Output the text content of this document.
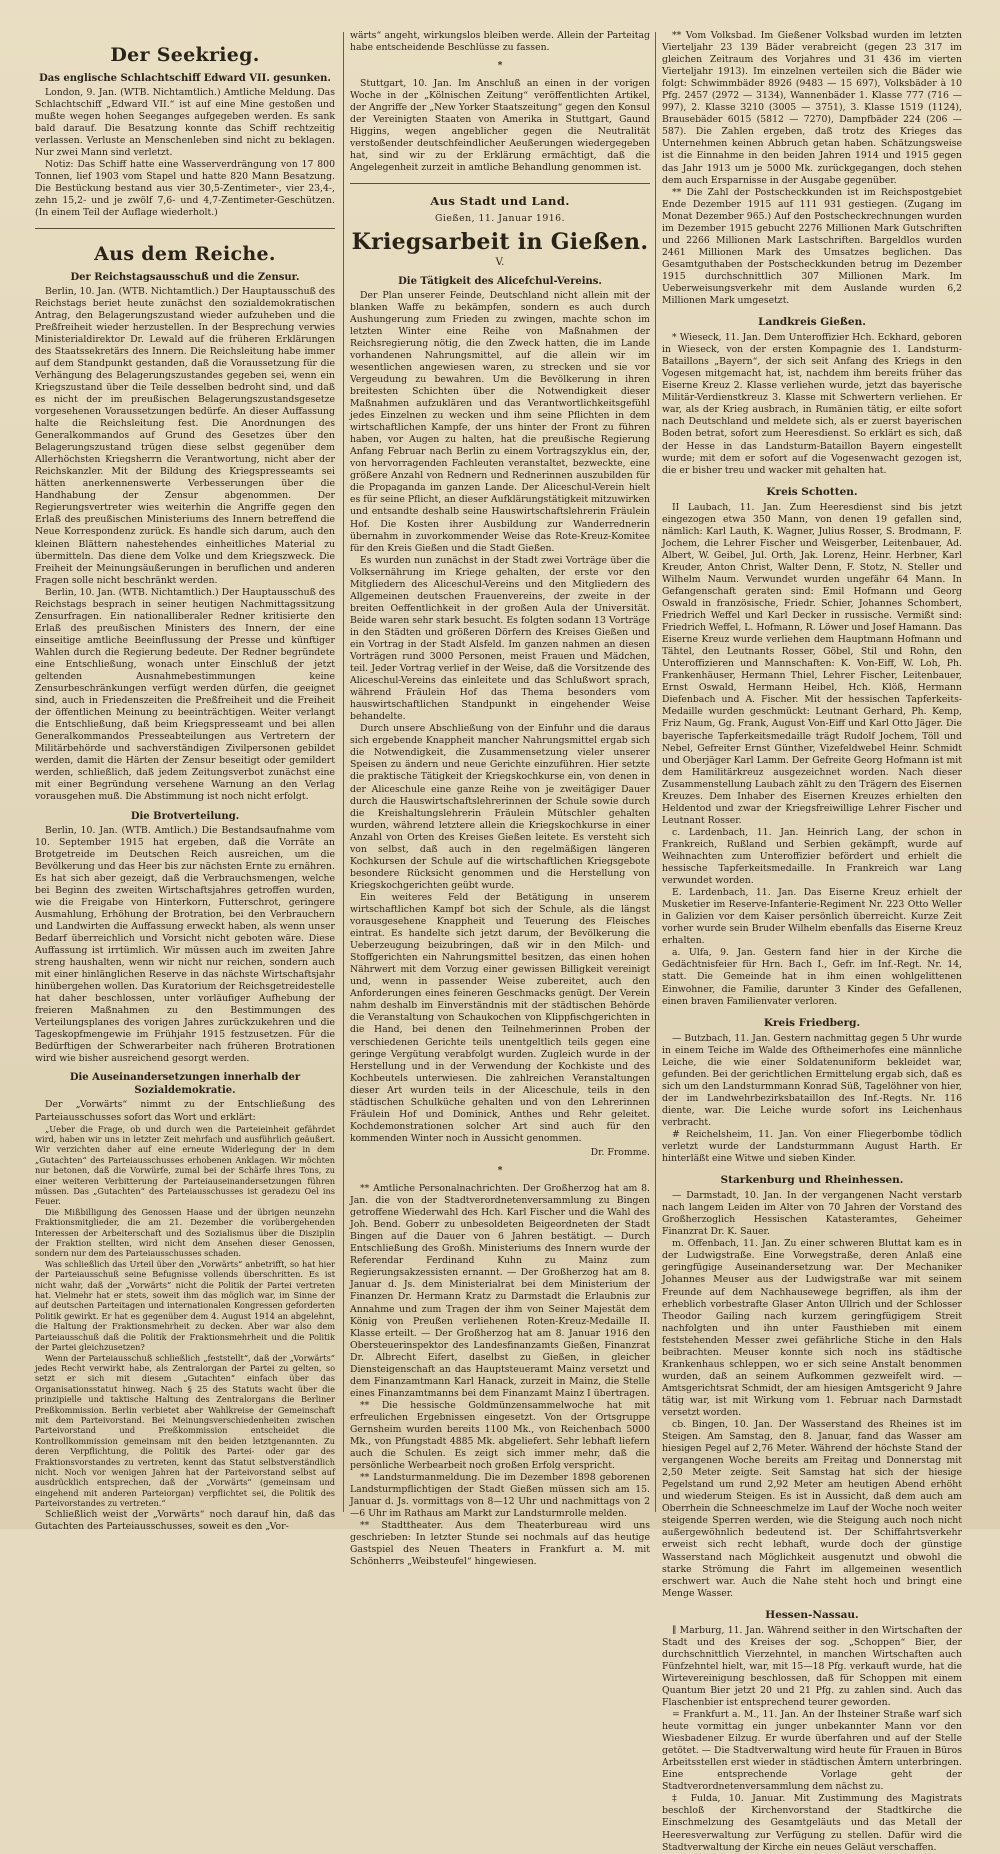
Der Seekrieg.
Das englische Schlachtschiff Edward VII. gesunken.

London, 9. Jan. (WTB. Nichtamtlich.) Amtliche Meldung. Das Schlachtschiff „Edward VII.“ ist auf eine Mine gestoßen und mußte wegen hohen Seeganges aufgegeben werden. Es sank bald darauf. Die Besatzung konnte das Schiff rechtzeitig verlassen. Verluste an Menschenleben sind nicht zu beklagen. Nur zwei Mann sind verletzt.

Notiz: Das Schiff hatte eine Wasserverdrängung von 17 800 Tonnen, lief 1903 vom Stapel und hatte 820 Mann Besatzung. Die Bestückung bestand aus vier 30,5-Zentimeter-, vier 23,4-, zehn 15,2- und je zwölf 7,6- und 4,7-Zentimeter-Geschützen. (In einem Teil der Auflage wiederholt.)

Aus dem Reiche.
Der Reichstagsausschuß und die Zensur.

Berlin, 10. Jan. (WTB. Nichtamtlich.) Der Hauptausschuß des Reichstags beriet heute zunächst den sozialdemokratischen Antrag, den Belagerungszustand wieder aufzuheben und die Preßfreiheit wieder herzustellen. In der Besprechung verwies Ministerialdirektor Dr. Lewald auf die früheren Erklärungen des Staatssekretärs des Innern. Die Reichsleitung habe immer auf dem Standpunkt gestanden, daß die Voraussetzung für die Verhängung des Belagerungszustandes gegeben sei, wenn ein Kriegszustand über die Teile desselben bedroht sind, und daß es nicht der im preußischen Belagerungszustandsgesetze vorgesehenen Voraussetzungen bedürfe. An dieser Auffassung halte die Reichsleitung fest. Die Anordnungen des Generalkommandos auf Grund des Gesetzes über den Belagerungszustand trügen diese selbst gegenüber dem Allerhöchsten Kriegsherrn die Verantwortung, nicht aber der Reichskanzler. Mit der Bildung des Kriegspresseamts sei hätten anerkennenswerte Verbesserungen über die Handhabung der Zensur abgenommen. Der Regierungsvertreter wies weiterhin die Angriffe gegen den Erlaß des preußischen Ministeriums des Innern betreffend die Neue Korrespondenz zurück. Es handle sich darum, auch den kleinen Blättern nahestehendes einheitliches Material zu übermitteln. Das diene dem Volke und dem Kriegszweck. Die Freiheit der Meinungsäußerungen in beruflichen und anderen Fragen solle nicht beschränkt werden.

Berlin, 10. Jan. (WTB. Nichtamtlich.) Der Hauptausschuß des Reichstags besprach in seiner heutigen Nachmittagssitzung Zensurfragen. Ein nationalliberaler Redner kritisierte den Erlaß des preußischen Ministers des Innern, der eine einseitige amtliche Beeinflussung der Presse und künftiger Wahlen durch die Regierung bedeute. Der Redner begründete eine Entschließung, wonach unter Einschluß der jetzt geltenden Ausnahmebestimmungen keine Zensurbeschränkungen verfügt werden dürfen, die geeignet sind, auch in Friedenszeiten die Preßfreiheit und die Freiheit der öffentlichen Meinung zu beeinträchtigen. Weiter verlangt die Entschließung, daß beim Kriegspresseamt und bei allen Generalkommandos Presseabteilungen aus Vertretern der Militärbehörde und sachverständigen Zivilpersonen gebildet werden, damit die Härten der Zensur beseitigt oder gemildert werden, schließlich, daß jedem Zeitungsverbot zunächst eine mit einer Begründung versehene Warnung an den Verlag vorausgehen muß. Die Abstimmung ist noch nicht erfolgt.

Die Brotverteilung.

Berlin, 10. Jan. (WTB. Amtlich.) Die Bestandsaufnahme vom 10. September 1915 hat ergeben, daß die Vorräte an Brotgetreide im Deutschen Reich ausreichen, um die Bevölkerung und das Heer bis zur nächsten Ernte zu ernähren. Es hat sich aber gezeigt, daß die Verbrauchsmengen, welche bei Beginn des zweiten Wirtschaftsjahres getroffen wurden, wie die Freigabe von Hinterkorn, Futterschrot, geringere Ausmahlung, Erhöhung der Brotration, bei den Verbrauchern und Landwirten die Auffassung erweckt haben, als wenn unser Bedarf überreichlich und Vorsicht nicht geboten wäre. Diese Auffassung ist irrtümlich. Wir müssen auch im zweiten Jahre streng haushalten, wenn wir nicht nur reichen, sondern auch mit einer hinlänglichen Reserve in das nächste Wirtschaftsjahr hinübergehen wollen. Das Kuratorium der Reichsgetreidestelle hat daher beschlossen, unter vorläufiger Aufhebung der freieren Maßnahmen zu den Bestimmungen des Verteilungsplanes des vorigen Jahres zurückzukehren und die Tageskopfmengewie im Frühjahr 1915 festzusetzen. Für die Bedürftigen der Schwerarbeiter nach früheren Brotrationen wird wie bisher ausreichend gesorgt werden.

Die Auseinandersetzungen innerhalb der Sozialdemokratie.

Der „Vorwärts“ nimmt zu der Entschließung des Parteiausschusses sofort das Wort und erklärt:

„Ueber die Frage, ob und durch wen die Parteieinheit gefährdet wird, haben wir uns in letzter Zeit mehrfach und ausführlich geäußert. Wir verzichten daher auf eine erneute Widerlegung der in dem „Gutachten“ des Parteiausschusses erhobenen Anklagen. Wir möchten nur betonen, daß die Vorwürfe, zumal bei der Schärfe ihres Tons, zu einer weiteren Verbitterung der Parteiauseinandersetzungen führen müssen. Das „Gutachten“ des Parteiausschusses ist geradezu Oel ins Feuer.

Die Mißbilligung des Genossen Haase und der übrigen neunzehn Fraktionsmitglieder, die am 21. Dezember die vorübergehenden Interessen der Arbeiterschaft und des Sozialismus über die Disziplin der Fraktion stellten, wird nicht dem Ansehen dieser Genossen, sondern nur dem des Parteiausschusses schaden.

Was schließlich das Urteil über den „Vorwärts“ anbetrifft, so hat hier der Parteiausschuß seine Befugnisse vollends überschritten. Es ist nicht wahr, daß der „Vorwärts“ nicht die Politik der Partei vertreten hat. Vielmehr hat er stets, soweit ihm das möglich war, im Sinne der auf deutschen Parteitagen und internationalen Kongressen geforderten Politik gewirkt. Er hat es gegenüber dem 4. August 1914 an abgelehnt, die Haltung der Fraktionsmehrheit zu decken. Aber war also dem Parteiausschuß daß die Politik der Fraktionsmehrheit und die Politik der Partei gleichzusetzen?

Wenn der Parteiausschuß schließlich „feststellt“, daß der „Vorwärts“ jedes Recht verwirkt habe, als Zentralorgan der Partei zu gelten, so setzt er sich mit diesem „Gutachten“ einfach über das Organisationsstatut hinweg. Nach § 25 des Statuts wacht über die prinzipielle und taktische Haltung des Zentralorgans die Berliner Preßkommission. Berlin verbietet aber Wahlkreise der Gemeinschaft mit dem Parteivorstand. Bei Meinungsverschiedenheiten zwischen Parteivorstand und Preßkommission entscheidet die Kontrollkommission gemeinsam mit den beiden letztgenannten. Zu deren Verpflichtung, die Politik des Partei- oder gar des Fraktionsvorstandes zu vertreten, kennt das Statut selbstverständlich nicht. Noch vor wenigen Jahren hat der Parteivorstand selbst auf ausdrücklich entsprechen, daß der „Vorwärts“ (gemeinsam und eingehend mit anderen Parteiorgan) verpflichtet sei, die Politik des Parteivorstandes zu vertreten.“

Schließlich weist der „Vorwärts“ noch darauf hin, daß das Gutachten des Parteiausschusses, soweit es den „Vor-

wärts“ angeht, wirkungslos bleiben werde. Allein der Parteitag habe entscheidende Beschlüsse zu fassen.

*

Stuttgart, 10. Jan. Im Anschluß an einen in der vorigen Woche in der „Kölnischen Zeitung“ veröffentlichten Artikel, der Angriffe der „New Yorker Staatszeitung“ gegen den Konsul der Vereinigten Staaten von Amerika in Stuttgart, Gaund Higgins, wegen angeblicher gegen die Neutralität verstoßender deutschfeindlicher Aeußerungen wiedergegeben hat, sind wir zu der Erklärung ermächtigt, daß die Angelegenheit zurzeit in amtliche Behandlung genommen ist.

Aus Stadt und Land.
Gießen, 11. Januar 1916.
Kriegsarbeit in Gießen.
V.
Die Tätigkeit des Alicefchul-Vereins.

Der Plan unserer Feinde, Deutschland nicht allein mit der blanken Waffe zu bekämpfen, sondern es auch durch Aushungerung zum Frieden zu zwingen, machte schon im letzten Winter eine Reihe von Maßnahmen der Reichsregierung nötig, die den Zweck hatten, die im Lande vorhandenen Nahrungsmittel, auf die allein wir im wesentlichen angewiesen waren, zu strecken und sie vor Vergeudung zu bewahren. Um die Bevölkerung in ihren breitesten Schichten über die Notwendigkeit dieser Maßnahmen aufzuklären und das Verantwortlichkeitsgefühl jedes Einzelnen zu wecken und ihm seine Pflichten in dem wirtschaftlichen Kampfe, der uns hinter der Front zu führen haben, vor Augen zu halten, hat die preußische Regierung Anfang Februar nach Berlin zu einem Vortragszyklus ein, der, von hervorragenden Fachleuten veranstaltet, bezweckte, eine größere Anzahl von Rednern und Rednerinnen auszubilden für die Propaganda im ganzen Lande. Der Aliceschul-Verein hielt es für seine Pflicht, an dieser Aufklärungstätigkeit mitzuwirken und entsandte deshalb seine Hauswirtschaftslehrerin Fräulein Hof. Die Kosten ihrer Ausbildung zur Wanderrednerin übernahm in zuvorkommender Weise das Rote-Kreuz-Komitee für den Kreis Gießen und die Stadt Gießen.

Es wurden nun zunächst in der Stadt zwei Vorträge über die Volksernährung im Kriege gehalten, der erste vor den Mitgliedern des Aliceschul-Vereins und den Mitgliedern des Allgemeinen deutschen Frauenvereins, der zweite in der breiten Oeffentlichkeit in der großen Aula der Universität. Beide waren sehr stark besucht. Es folgten sodann 13 Vorträge in den Städten und größeren Dörfern des Kreises Gießen und ein Vortrag in der Stadt Alsfeld. Im ganzen nahmen an diesen Vorträgen rund 3000 Personen, meist Frauen und Mädchen, teil. Jeder Vortrag verlief in der Weise, daß die Vorsitzende des Aliceschul-Vereins das einleitete und das Schlußwort sprach, während Fräulein Hof das Thema besonders vom hauswirtschaftlichen Standpunkt in eingehender Weise behandelte.

Durch unsere Abschließung von der Einfuhr und die daraus sich ergebende Knappheit mancher Nahrungsmittel ergab sich die Notwendigkeit, die Zusammensetzung vieler unserer Speisen zu ändern und neue Gerichte einzuführen. Hier setzte die praktische Tätigkeit der Kriegskochkurse ein, von denen in der Aliceschule eine ganze Reihe von je zweitägiger Dauer durch die Hauswirtschaftslehrerinnen der Schule sowie durch die Kreishaltungslehrerin Fräulein Mütschler gehalten wurden, während letztere allein die Kriegskochkurse in einer Anzahl von Orten des Kreises Gießen leitete. Es versteht sich von selbst, daß auch in den regelmäßigen längeren Kochkursen der Schule auf die wirtschaftlichen Kriegsgebote besondere Rücksicht genommen und die Herstellung von Kriegskochgerichten geübt wurde.

Ein weiteres Feld der Betätigung in unserem wirtschaftlichen Kampf bot sich der Schule, als die längst vorausgesehene Knappheit und Teuerung des Fleisches eintrat. Es handelte sich jetzt darum, der Bevölkerung die Ueberzeugung beizubringen, daß wir in den Milch- und Stoffgerichten ein Nahrungsmittel besitzen, das einen hohen Nährwert mit dem Vorzug einer gewissen Billigkeit vereinigt und, wenn in passender Weise zubereitet, auch den Anforderungen eines feineren Geschmacks genügt. Der Verein nahm deshalb im Einverständnis mit der städtischen Behörde die Veranstaltung von Schaukochen von Klippfischgerichten in die Hand, bei denen den Teilnehmerinnen Proben der verschiedenen Gerichte teils unentgeltlich teils gegen eine geringe Vergütung verabfolgt wurden. Zugleich wurde in der Herstellung und in der Verwendung der Kochkiste und des Kochbeutels unterwiesen. Die zahlreichen Veranstaltungen dieser Art wurden teils in der Aliceschule, teils in den städtischen Schulküche gehalten und von den Lehrerinnen Fräulein Hof und Dominick, Anthes und Rehr geleitet. Kochdemonstrationen solcher Art sind auch für den kommenden Winter noch in Aussicht genommen.

Dr. Fromme.
*

** Amtliche Personalnachrichten. Der Großherzog hat am 8. Jan. die von der Stadtverordnetenversammlung zu Bingen getroffene Wiederwahl des Hch. Karl Fischer und die Wahl des Joh. Bend. Goberr zu unbesoldeten Beigeordneten der Stadt Bingen auf die Dauer von 6 Jahren bestätigt. — Durch Entschließung des Großh. Ministeriums des Innern wurde der Referendar Ferdinand Kuhn zu Mainz zum Regierungsakzessisten ernannt. — Der Großherzog hat am 8. Januar d. Js. dem Ministerialrat bei dem Ministerium der Finanzen Dr. Hermann Kratz zu Darmstadt die Erlaubnis zur Annahme und zum Tragen der ihm von Seiner Majestät dem König von Preußen verliehenen Roten-Kreuz-Medaille II. Klasse erteilt. — Der Großherzog hat am 8. Januar 1916 den Obersteuerinspektor des Landesfinanzamts Gießen, Finanzrat Dr. Albrecht Eifert, daselbst zu Gießen, in gleicher Diensteigenschaft an das Hauptsteueramt Mainz versetzt und dem Finanzamtmann Karl Hanack, zurzeit in Mainz, die Stelle eines Finanzamtmanns bei dem Finanzamt Mainz I übertragen.

** Die hessische Goldmünzensammelwoche hat mit erfreulichen Ergebnissen eingesetzt. Von der Ortsgruppe Gernsheim wurden bereits 1100 Mk., von Reichenbach 5000 Mk., von Pfungstadt 4885 Mk. abgeliefert. Sehr lebhaft liefern auch die Schulen. Es zeigt sich immer mehr, daß die persönliche Werbearbeit noch großen Erfolg verspricht.

** Landsturmanmeldung. Die im Dezember 1898 geborenen Landsturmpflichtigen der Stadt Gießen müssen sich am 15. Januar d. Js. vormittags von 8—12 Uhr und nachmittags von 2—6 Uhr im Rathaus am Markt zur Landsturmrolle melden.

** Stadttheater. Aus dem Theaterbureau wird uns geschrieben: In letzter Stunde sei nochmals auf das heutige Gastspiel des Neuen Theaters in Frankfurt a. M. mit Schönherrs „Weibsteufel“ hingewiesen.

** Vom Volksbad. Im Gießener Volksbad wurden im letzten Vierteljahr 23 139 Bäder verabreicht (gegen 23 317 im gleichen Zeitraum des Vorjahres und 31 436 im vierten Vierteljahr 1913). Im einzelnen verteilen sich die Bäder wie folgt: Schwimmbäder 8926 (9483 — 15 697), Volksbäder à 10 Pfg. 2457 (2972 — 3134), Wannenbäder 1. Klasse 777 (716 — 997), 2. Klasse 3210 (3005 — 3751), 3. Klasse 1519 (1124), Brausebäder 6015 (5812 — 7270), Dampfbäder 224 (206 — 587). Die Zahlen ergeben, daß trotz des Krieges das Unternehmen keinen Abbruch getan haben. Schätzungsweise ist die Einnahme in den beiden Jahren 1914 und 1915 gegen das Jahr 1913 um je 5000 Mk. zurückgegangen, doch stehen dem auch Ersparnisse in der Ausgabe gegenüber.

** Die Zahl der Postscheckkunden ist im Reichspostgebiet Ende Dezember 1915 auf 111 931 gestiegen. (Zugang im Monat Dezember 965.) Auf den Postscheckrechnungen wurden im Dezember 1915 gebucht 2276 Millionen Mark Gutschriften und 2266 Millionen Mark Lastschriften. Bargeldlos wurden 2461 Millionen Mark des Umsatzes beglichen. Das Gesamtguthaben der Postscheckkunden betrug im Dezember 1915 durchschnittlich 307 Millionen Mark. Im Ueberweisungsverkehr mit dem Auslande wurden 6,2 Millionen Mark umgesetzt.

Landkreis Gießen.

* Wieseck, 11. Jan. Dem Unteroffizier Hch. Eckhard, geboren in Wieseck, von der ersten Kompagnie des 1. Landsturm-Bataillons „Bayern“, der sich seit Anfang des Kriegs in den Vogesen mitgemacht hat, ist, nachdem ihm bereits früher das Eiserne Kreuz 2. Klasse verliehen wurde, jetzt das bayerische Militär-Verdienstkreuz 3. Klasse mit Schwertern verliehen. Er war, als der Krieg ausbrach, in Rumänien tätig, er eilte sofort nach Deutschland und meldete sich, als er zuerst bayerischen Boden betrat, sofort zum Heeresdienst. So erklärt es sich, daß der Hesse in das Landsturm-Bataillon Bayern eingestellt wurde; mit dem er sofort auf die Vogesenwacht gezogen ist, die er bisher treu und wacker mit gehalten hat.

Kreis Schotten.

II Laubach, 11. Jan. Zum Heeresdienst sind bis jetzt eingezogen etwa 350 Mann, von denen 19 gefallen sind, nämlich: Karl Lauth, K. Wagner, Julius Rosser, S. Brodmann, F. Jochem, die Lehrer Fischer und Weisgerber, Leitenbauer, Ad. Albert, W. Geibel, Jul. Orth, Jak. Lorenz, Heinr. Herbner, Karl Kreuder, Anton Christ, Walter Denn, F. Stotz, N. Steller und Wilhelm Naum. Verwundet wurden ungefähr 64 Mann. In Gefangenschaft geraten sind: Emil Hofmann und Georg Oswald in französische, Friedr. Schier, Johannes Schombert, Friedrich Weffel und Karl Decker in russische. Vermißt sind: Friedrich Weffel, L. Hofmann, R. Löwer und Josef Hamann. Das Eiserne Kreuz wurde verliehen dem Hauptmann Hofmann und Tähtel, den Leutnants Rosser, Göbel, Stil und Rohn, den Unteroffizieren und Mannschaften: K. Von-Eiff, W. Loh, Ph. Frankenhäuser, Hermann Thiel, Lehrer Fischer, Leitenbauer, Ernst Oswald, Hermann Heibel, Hch. Klöß, Hermann Diefenbach und A. Fischer. Mit der hessischen Tapferkeits-Medaille wurden geschmückt: Leutnant Gerhard, Ph. Kemp, Friz Naum, Gg. Frank, August Von-Eiff und Karl Otto Jäger. Die bayerische Tapferkeitsmedaille trägt Rudolf Jochem, Töll und Nebel, Gefreiter Ernst Günther, Vizefeldwebel Heinr. Schmidt und Oberjäger Karl Lamm. Der Gefreite Georg Hofmann ist mit dem Hamilitärkreuz ausgezeichnet worden. Nach dieser Zusammenstellung Laubach zählt zu den Trägern des Eisernen Kreuzes. Dem Inhaber des Eisernen Kreuzes erhielten den Heldentod und zwar der Kriegsfreiwillige Lehrer Fischer und Leutnant Rosser.

c. Lardenbach, 11. Jan. Heinrich Lang, der schon in Frankreich, Rußland und Serbien gekämpft, wurde auf Weihnachten zum Unteroffizier befördert und erhielt die hessische Tapferkeitsmedaille. In Frankreich war Lang verwundet worden.

E. Lardenbach, 11. Jan. Das Eiserne Kreuz erhielt der Musketier im Reserve-Infanterie-Regiment Nr. 223 Otto Weller in Galizien vor dem Kaiser persönlich überreicht. Kurze Zeit vorher wurde sein Bruder Wilhelm ebenfalls das Eiserne Kreuz erhalten.

a. Ulfa, 9. Jan. Gestern fand hier in der Kirche die Gedächtnisfeier für Hrn. Bach I., Gefr. im Inf.-Regt. Nr. 14, statt. Die Gemeinde hat in ihm einen wohlgelittenen Einwohner, die Familie, darunter 3 Kinder des Gefallenen, einen braven Familienvater verloren.

Kreis Friedberg.

— Butzbach, 11. Jan. Gestern nachmittag gegen 5 Uhr wurde in einem Teiche im Walde des Oftheimerhofes eine männliche Leiche, die wie einer Soldatenuniform bekleidet war, gefunden. Bei der gerichtlichen Ermittelung ergab sich, daß es sich um den Landsturmmann Konrad Süß, Tagelöhner von hier, der im Landwehrbezirksbataillon des Inf.-Regts. Nr. 116 diente, war. Die Leiche wurde sofort ins Leichenhaus verbracht.

# Reichelsheim, 11. Jan. Von einer Fliegerbombe tödlich verletzt wurde der Landsturmmann August Harth. Er hinterläßt eine Witwe und sieben Kinder.

Starkenburg und Rheinhessen.

— Darmstadt, 10. Jan. In der vergangenen Nacht verstarb nach langem Leiden im Alter von 70 Jahren der Vorstand des Großherzoglich Hessischen Katasteramtes, Geheimer Finanzrat Dr. K. Sauer.

m. Offenbach, 11. Jan. Zu einer schweren Bluttat kam es in der Ludwigstraße. Eine Vorwegstraße, deren Anlaß eine geringfügige Auseinandersetzung war. Der Mechaniker Johannes Meuser aus der Ludwigstraße war mit seinem Freunde auf dem Nachhausewege begriffen, als ihm der erheblich vorbestrafte Glaser Anton Ullrich und der Schlosser Theodor Gailing nach kurzem geringfügigem Streit nachfolgten und ihn unter Fausthieben mit einem feststehenden Messer zwei gefährliche Stiche in den Hals beibrachten. Meuser konnte sich noch ins städtische Krankenhaus schleppen, wo er sich seine Anstalt benommen wurden, daß an seinem Aufkommen gezweifelt wird. — Amtsgerichtsrat Schmidt, der am hiesigen Amtsgericht 9 Jahre tätig war, ist mit Wirkung vom 1. Februar nach Darmstadt versetzt worden.

cb. Bingen, 10. Jan. Der Wasserstand des Rheines ist im Steigen. Am Samstag, den 8. Januar, fand das Wasser am hiesigen Pegel auf 2,76 Meter. Während der höchste Stand der vergangenen Woche bereits am Freitag und Donnerstag mit 2,50 Meter zeigte. Seit Samstag hat sich der hiesige Pegelstand um rund 2,92 Meter am heutigen Abend erhöht und wiederum Steigen. Es ist in Aussicht, daß dem auch am Oberrhein die Schneeschmelze im Lauf der Woche noch weiter steigende Sperren werden, wie die Steigung auch noch nicht außergewöhnlich bedeutend ist. Der Schiffahrtsverkehr erweist sich recht lebhaft, wurde doch der günstige Wasserstand nach Möglichkeit ausgenutzt und obwohl die starke Strömung die Fahrt im allgemeinen wesentlich erschwert war. Auch die Nahe steht hoch und bringt eine Menge Wasser.

Hessen-Nassau.

∥ Marburg, 11. Jan. Während seither in den Wirtschaften der Stadt und des Kreises der sog. „Schoppen“ Bier, der durchschnittlich Vierzehntel, in manchen Wirtschaften auch Fünfzehntel hielt, war, mit 15—18 Pfg. verkauft wurde, hat die Wirtevereinigung beschlossen, daß für Schoppen mit einem Quantum Bier jetzt 20 und 21 Pfg. zu zahlen sind. Auch das Flaschenbier ist entsprechend teurer geworden.

= Frankfurt a. M., 11. Jan. An der Ihsteiner Straße warf sich heute vormittag ein junger unbekannter Mann vor den Wiesbadener Eilzug. Er wurde überfahren und auf der Stelle getötet. — Die Stadtverwaltung wird heute für Frauen in Büros Arbeitsstellen erst wieder in städtischen Ämtern unterbringen. Eine entsprechende Vorlage geht der Stadtverordnetenversammlung dem nächst zu.

‡ Fulda, 10. Januar. Mit Zustimmung des Magistrats beschloß der Kirchenvorstand der Stadtkirche die Einschmelzung des Gesamtgeläuts und das Metall der Heeresverwaltung zur Verfügung zu stellen. Dafür wird die Stadtverwaltung der Kirche ein neues Geläut verschaffen.
